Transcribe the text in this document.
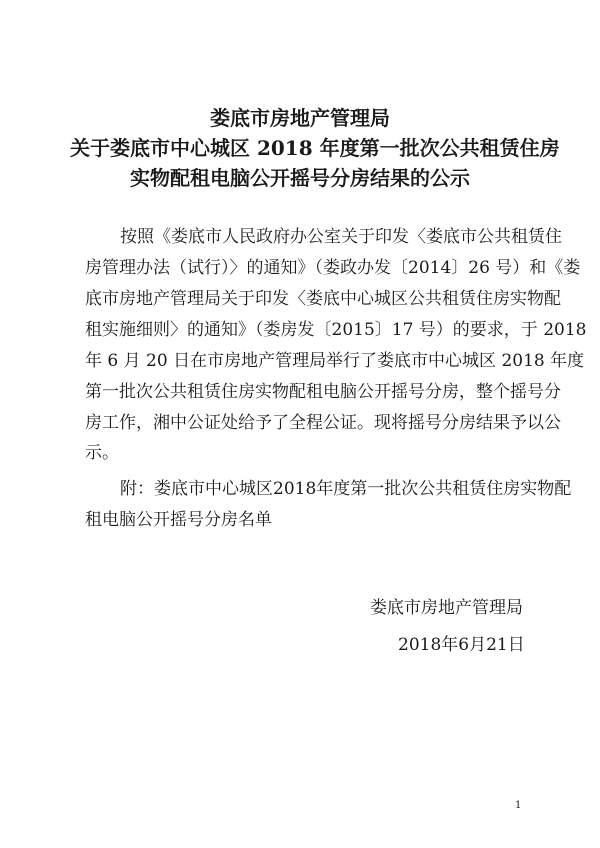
娄底市房地产管理局
关于娄底市中心城区 2018 年度第一批次公共租赁住房
实物配租电脑公开摇号分房结果的公示
按照《娄底市人民政府办公室关于印发〈娄底市公共租赁住
房管理办法（试行）〉的通知》（娄政办发〔2014〕26 号）和《娄
底市房地产管理局关于印发〈娄底中心城区公共租赁住房实物配
租实施细则〉的通知》（娄房发〔2015〕17 号）的要求，于 2018
年 6 月 20 日在市房地产管理局举行了娄底市中心城区 2018 年度
第一批次公共租赁住房实物配租电脑公开摇号分房，整个摇号分
房工作，湘中公证处给予了全程公证。现将摇号分房结果予以公
示。
附：娄底市中心城区2018年度第一批次公共租赁住房实物配
租电脑公开摇号分房名单
娄底市房地产管理局
2018年6月21日
1
